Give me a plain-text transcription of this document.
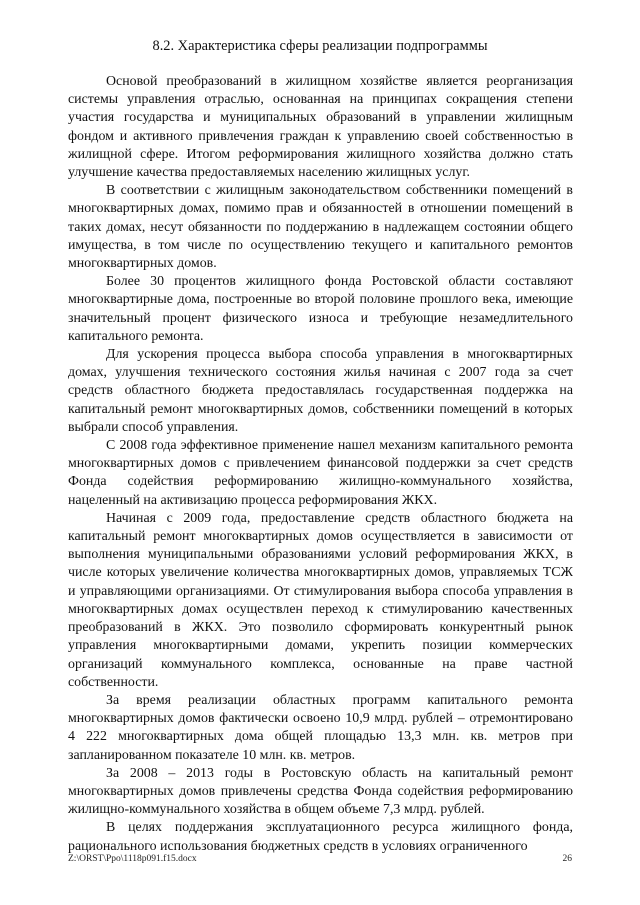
8.2. Характеристика сферы реализации подпрограммы

Основой преобразований в жилищном хозяйстве является реорганизация системы управления отраслью, основанная на принципах сокращения степени участия государства и муниципальных образований в управлении жилищным фондом и активного привлечения граждан к управлению своей собственностью в жилищной сфере. Итогом реформирования жилищного хозяйства должно стать улучшение качества предоставляемых населению жилищных услуг.

В соответствии с жилищным законодательством собственники помещений в многоквартирных домах, помимо прав и обязанностей в отношении помещений в таких домах, несут обязанности по поддержанию в надлежащем состоянии общего имущества, в том числе по осуществлению текущего и капитального ремонтов многоквартирных домов.

Более 30 процентов жилищного фонда Ростовской области составляют многоквартирные дома, построенные во второй половине прошлого века, имеющие значительный процент физического износа и требующие незамедлительного капитального ремонта.

Для ускорения процесса выбора способа управления в многоквартирных домах, улучшения технического состояния жилья начиная с 2007 года за счет средств областного бюджета предоставлялась государственная поддержка на капитальный ремонт многоквартирных домов, собственники помещений в которых выбрали способ управления.

С 2008 года эффективное применение нашел механизм капитального ремонта многоквартирных домов с привлечением финансовой поддержки за счет средств Фонда содействия реформированию жилищно-коммунального хозяйства, нацеленный на активизацию процесса реформирования ЖКХ.

Начиная с 2009 года, предоставление средств областного бюджета на капитальный ремонт многоквартирных домов осуществляется в зависимости от выполнения муниципальными образованиями условий реформирования ЖКХ, в числе которых увеличение количества многоквартирных домов, управляемых ТСЖ и управляющими организациями. От стимулирования выбора способа управления в многоквартирных домах осуществлен переход к стимулированию качественных преобразований в ЖКХ. Это позволило сформировать конкурентный рынок управления многоквартирными домами, укрепить позиции коммерческих организаций коммунального комплекса, основанные на праве частной собственности.

За время реализации областных программ капитального ремонта многоквартирных домов фактически освоено 10,9 млрд. рублей – отремонтировано 4 222 многоквартирных дома общей площадью 13,3 млн. кв. метров при запланированном показателе 10 млн. кв. метров.

За 2008 – 2013 годы в Ростовскую область на капитальный ремонт многоквартирных домов привлечены средства Фонда содействия реформированию жилищно-коммунального хозяйства в общем объеме 7,3 млрд. рублей.

В целях поддержания эксплуатационного ресурса жилищного фонда, рационального использования бюджетных средств в условиях ограниченного

Z:\ORST\Ppo\1118p091.f15.docx	26
